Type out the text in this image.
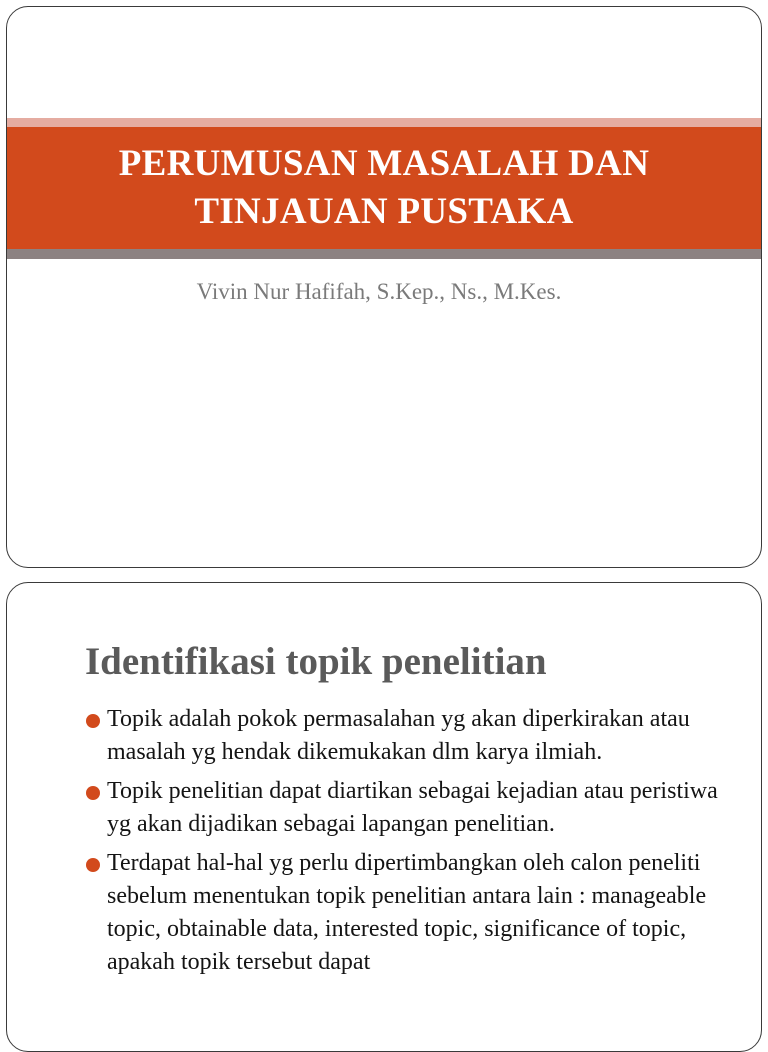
PERUMUSAN MASALAH DAN
TINJAUAN PUSTAKA
Vivin Nur Hafifah, S.Kep., Ns., M.Kes.
Identifikasi topik penelitian
Topik adalah pokok permasalahan yg akan diperkirakan atau masalah yg hendak dikemukakan dlm karya ilmiah.
Topik penelitian dapat diartikan sebagai kejadian atau peristiwa yg akan dijadikan sebagai lapangan penelitian.
Terdapat hal-hal yg perlu dipertimbangkan oleh calon peneliti sebelum menentukan topik penelitian antara lain : manageable topic, obtainable data, interested topic, significance of topic, apakah topik tersebut dapat
